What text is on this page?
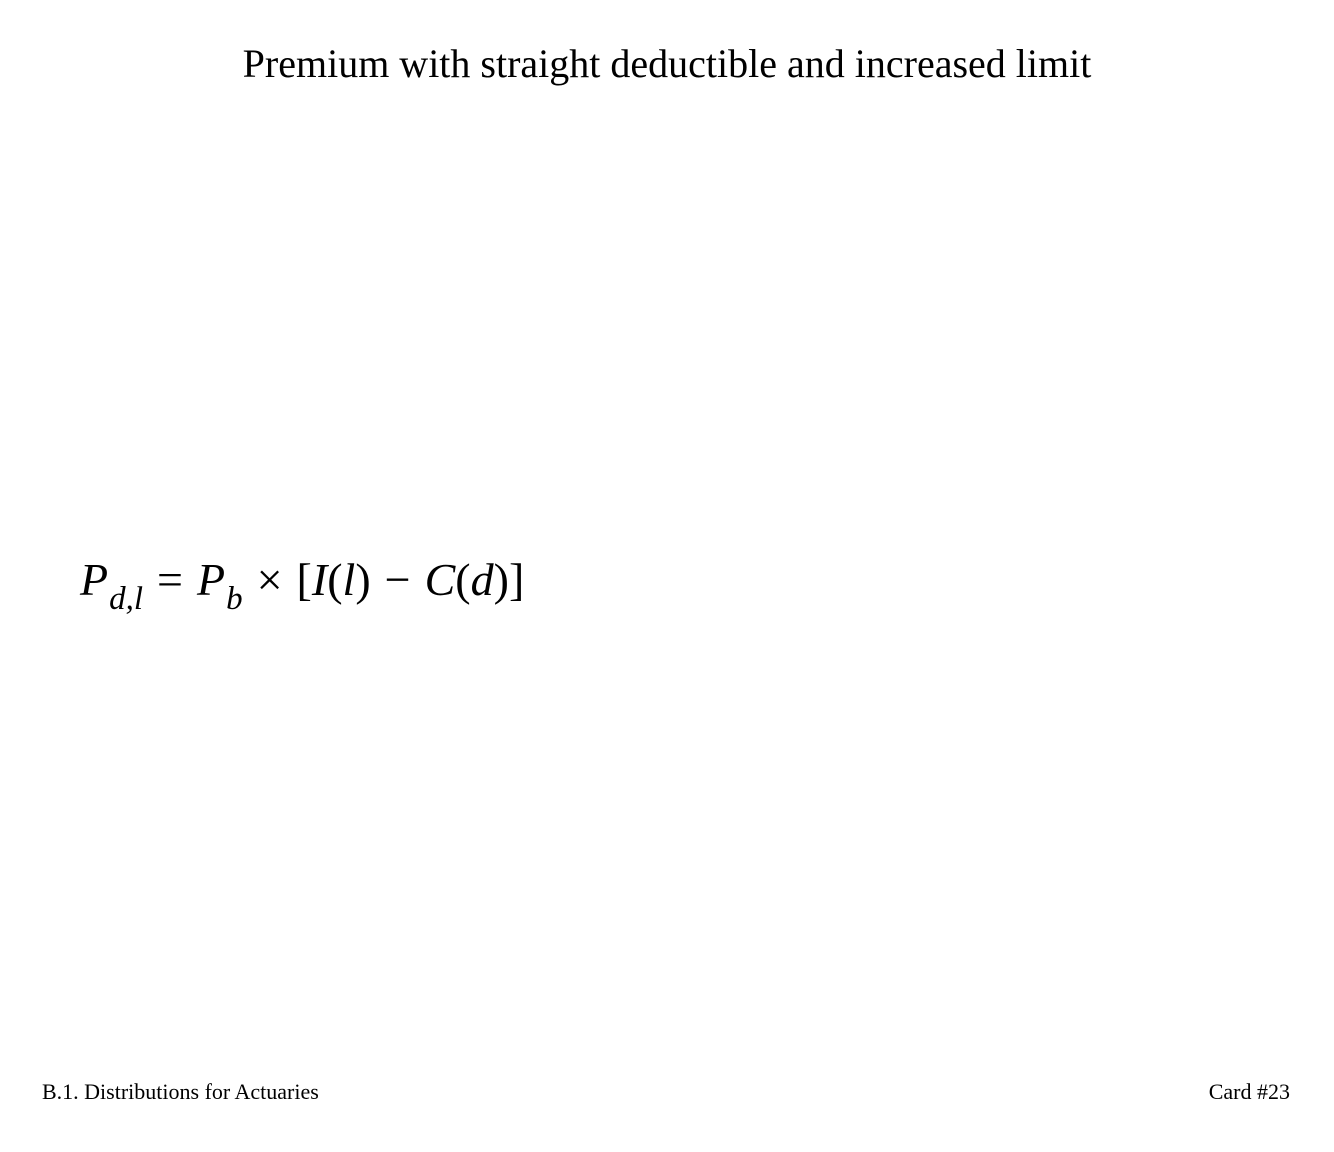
Premium with straight deductible and increased limit
$P_{d,l} = P_b \times [I(l) - C(d)]$
B.1. Distributions for Actuaries	Card #23
